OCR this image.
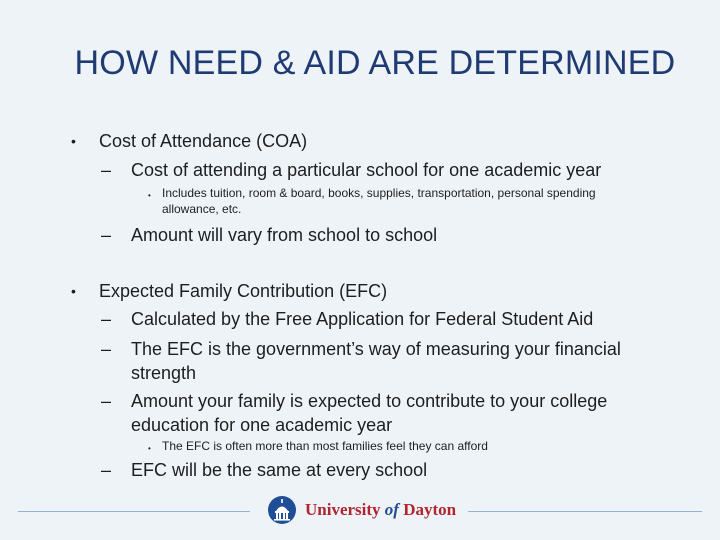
HOW NEED & AID ARE DETERMINED
• Cost of Attendance (COA)
– Cost of attending a particular school for one academic year
• Includes tuition, room & board, books, supplies, transportation, personal spending
allowance, etc.
– Amount will vary from school to school
• Expected Family Contribution (EFC)
– Calculated by the Free Application for Federal Student Aid
– The EFC is the government’s way of measuring your financial
strength
– Amount your family is expected to contribute to your college
education for one academic year
• The EFC is often more than most families feel they can afford
– EFC will be the same at every school
University of Dayton
